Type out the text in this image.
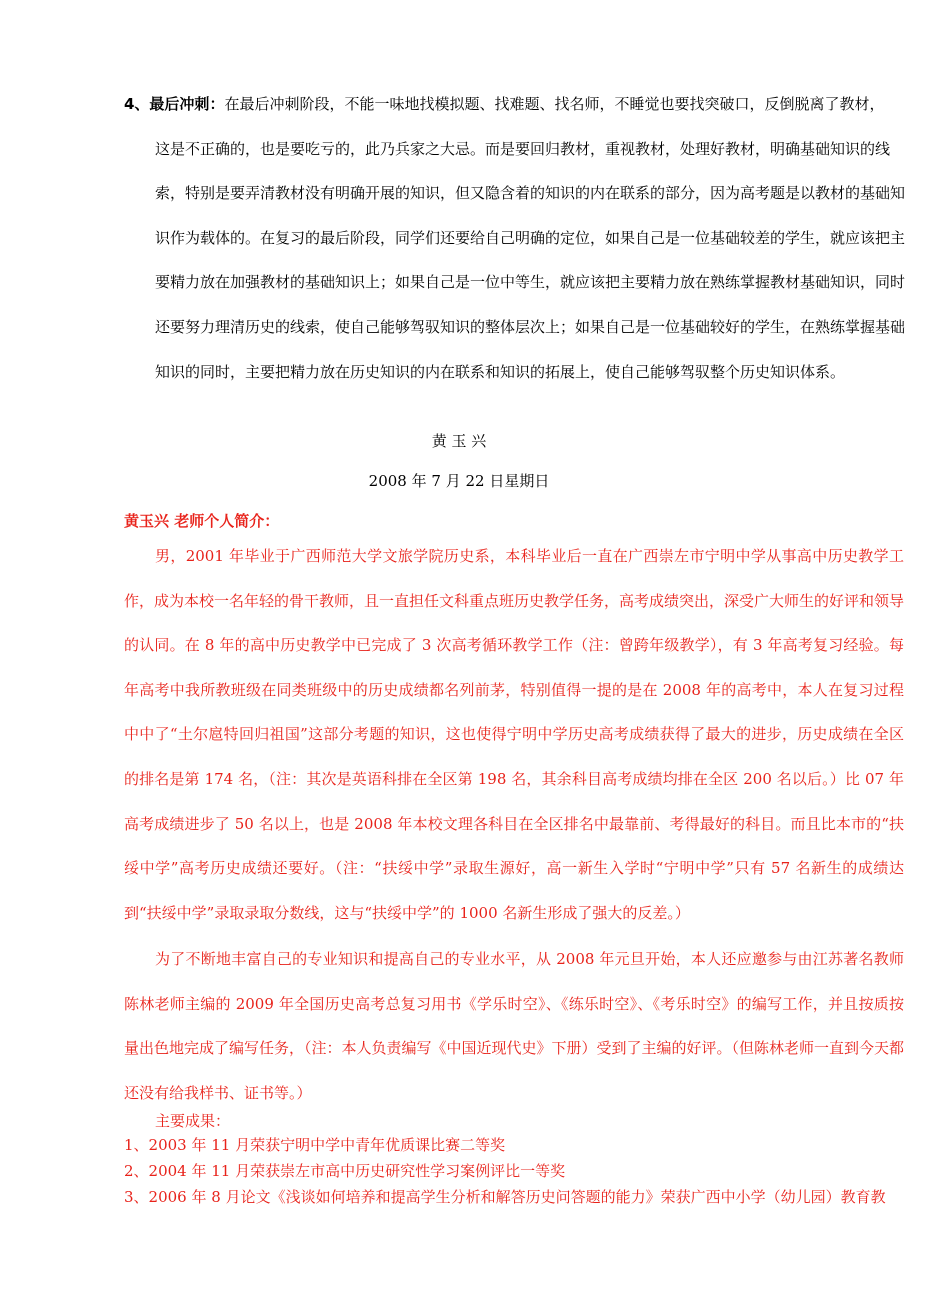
4、最后冲刺：在最后冲刺阶段，不能一味地找模拟题、找难题、找名师，不睡觉也要找突破口，反倒脱离了教材，
这是不正确的，也是要吃亏的，此乃兵家之大忌。而是要回归教材，重视教材，处理好教材，明确基础知识的线索，特别是要弄清教材没有明确开展的知识，但又隐含着的知识的内在联系的部分，因为高考题是以教材的基础知识作为载体的。在复习的最后阶段，同学们还要给自己明确的定位，如果自己是一位基础较差的学生，就应该把主要精力放在加强教材的基础知识上；如果自己是一位中等生，就应该把主要精力放在熟练掌握教材基础知识，同时还要努力理清历史的线索，使自己能够驾驭知识的整体层次上；如果自己是一位基础较好的学生，在熟练掌握基础知识的同时，主要把精力放在历史知识的内在联系和知识的拓展上，使自己能够驾驭整个历史知识体系。
黄 玉 兴
2008 年 7 月 22 日星期日
黄玉兴 老师个人简介：

男，2001 年毕业于广西师范大学文旅学院历史系，本科毕业后一直在广西崇左市宁明中学从事高中历史教学工作，成为本校一名年轻的骨干教师，且一直担任文科重点班历史教学任务，高考成绩突出，深受广大师生的好评和领导的认同。在 8 年的高中历史教学中已完成了 3 次高考循环教学工作（注：曾跨年级教学），有 3 年高考复习经验。每年高考中我所教班级在同类班级中的历史成绩都名列前茅，特别值得一提的是在 2008 年的高考中，本人在复习过程中中了“土尔扈特回归祖国”这部分考题的知识，这也使得宁明中学历史高考成绩获得了最大的进步，历史成绩在全区的排名是第 174 名，（注：其次是英语科排在全区第 198 名，其余科目高考成绩均排在全区 200 名以后。）比 07 年高考成绩进步了 50 名以上，也是 2008 年本校文理各科目在全区排名中最靠前、考得最好的科目。而且比本市的“扶绥中学”高考历史成绩还要好。（注：“扶绥中学”录取生源好，高一新生入学时“宁明中学”只有 57 名新生的成绩达到“扶绥中学”录取录取分数线，这与“扶绥中学”的 1000 名新生形成了强大的反差。）

为了不断地丰富自己的专业知识和提高自己的专业水平，从 2008 年元旦开始，本人还应邀参与由江苏著名教师陈林老师主编的 2009 年全国历史高考总复习用书《学乐时空》、《练乐时空》、《考乐时空》的编写工作，并且按质按量出色地完成了编写任务，（注：本人负责编写《中国近现代史》下册）受到了主编的好评。（但陈林老师一直到今天都还没有给我样书、证书等。）

主要成果：
1、2003 年 11 月荣获宁明中学中青年优质课比赛二等奖
2、2004 年 11 月荣获崇左市高中历史研究性学习案例评比一等奖
3、2006 年 8 月论文《浅谈如何培养和提高学生分析和解答历史问答题的能力》荣获广西中小学（幼儿园）教育教
